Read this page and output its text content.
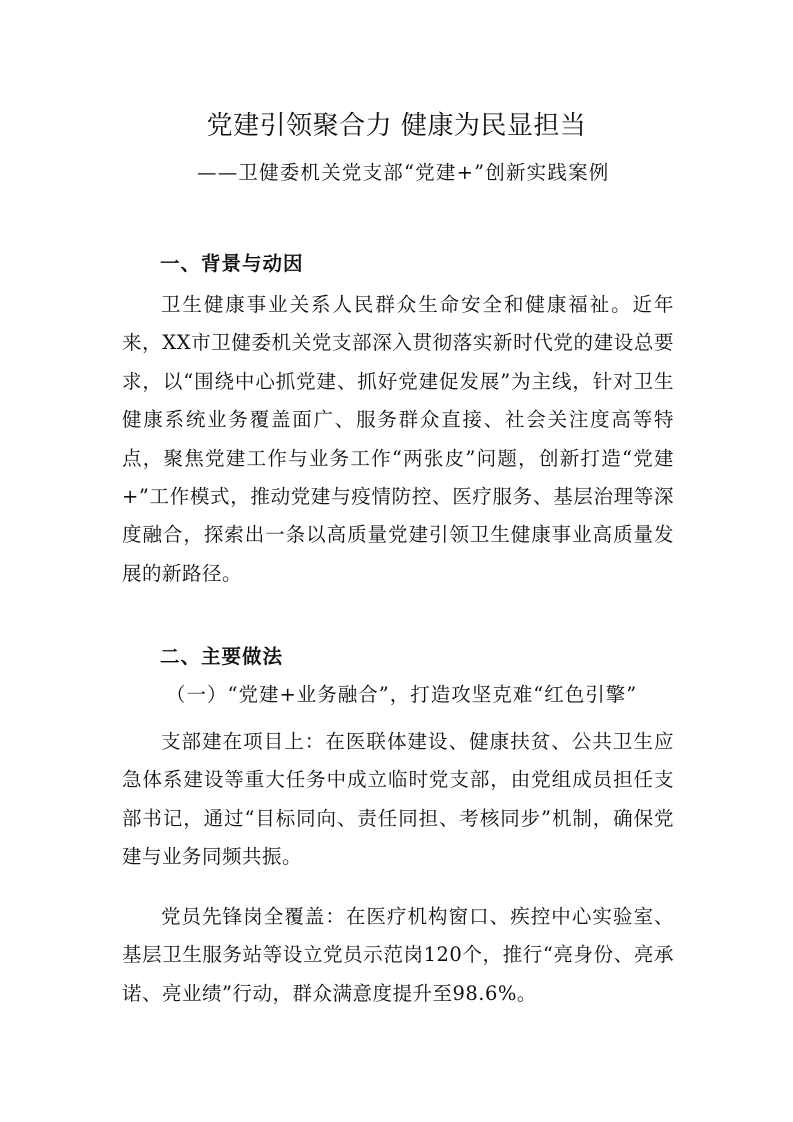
党建引领聚合力 健康为民显担当
——卫健委机关党支部“党建+”创新实践案例
一、背景与动因

卫生健康事业关系人民群众生命安全和健康福祉。近年来，XX市卫健委机关党支部深入贯彻落实新时代党的建设总要求，以“围绕中心抓党建、抓好党建促发展”为主线，针对卫生健康系统业务覆盖面广、服务群众直接、社会关注度高等特点，聚焦党建工作与业务工作“两张皮”问题，创新打造“党建+”工作模式，推动党建与疫情防控、医疗服务、基层治理等深度融合，探索出一条以高质量党建引领卫生健康事业高质量发展的新路径。

二、主要做法
（一）“党建+业务融合”，打造攻坚克难“红色引擎”

支部建在项目上：在医联体建设、健康扶贫、公共卫生应急体系建设等重大任务中成立临时党支部，由党组成员担任支部书记，通过“目标同向、责任同担、考核同步”机制，确保党建与业务同频共振。

党员先锋岗全覆盖：在医疗机构窗口、疾控中心实验室、基层卫生服务站等设立党员示范岗120个，推行“亮身份、亮承诺、亮业绩”行动，群众满意度提升至98.6%。
